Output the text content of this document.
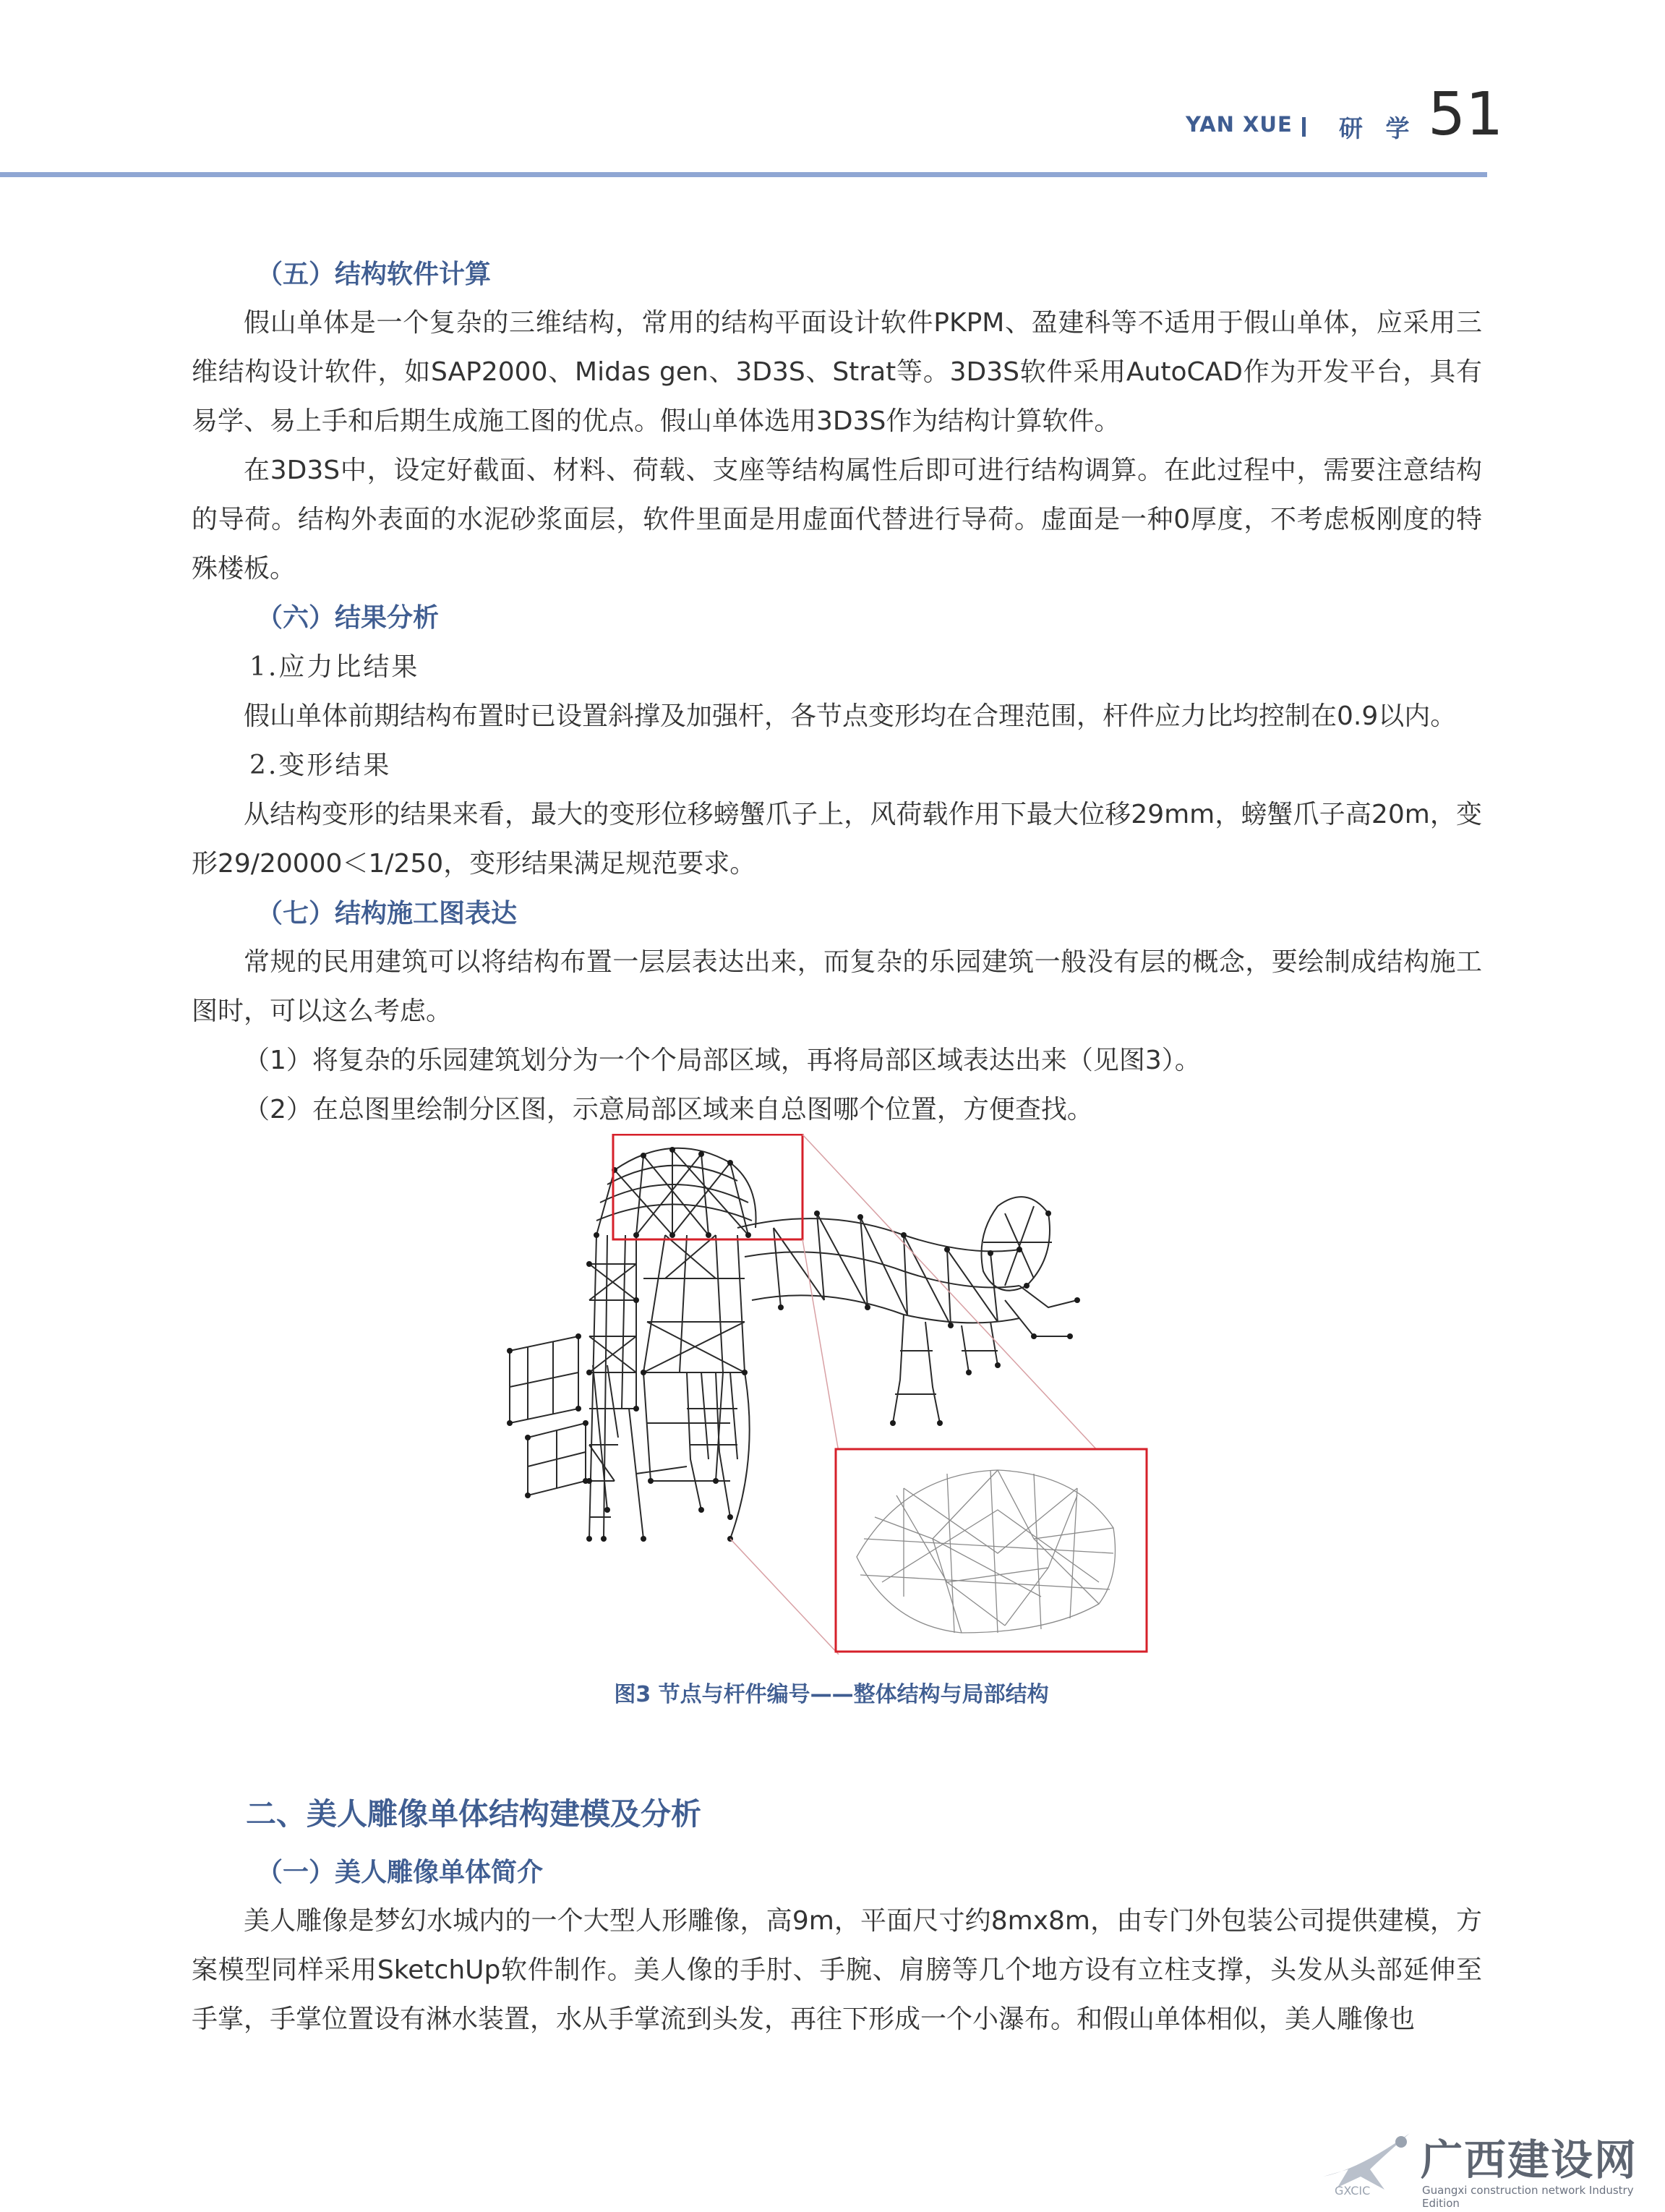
YAN XUE 研 学 51
（五）结构软件计算
假山单体是一个复杂的三维结构，常用的结构平面设计软件PKPM、盈建科等不适用于假山单体，应采用三维结构设计软件，如SAP2000、Midas gen、3D3S、Strat等。3D3S软件采用AutoCAD作为开发平台，具有易学、易上手和后期生成施工图的优点。假山单体选用3D3S作为结构计算软件。
在3D3S中，设定好截面、材料、荷载、支座等结构属性后即可进行结构调算。在此过程中，需要注意结构的导荷。结构外表面的水泥砂浆面层，软件里面是用虚面代替进行导荷。虚面是一种0厚度，不考虑板刚度的特殊楼板。
（六）结果分析
1.应力比结果
假山单体前期结构布置时已设置斜撑及加强杆，各节点变形均在合理范围，杆件应力比均控制在0.9以内。
2.变形结果
从结构变形的结果来看，最大的变形位移螃蟹爪子上，风荷载作用下最大位移29mm，螃蟹爪子高20m，变形29/20000＜1/250，变形结果满足规范要求。
（七）结构施工图表达
常规的民用建筑可以将结构布置一层层表达出来，而复杂的乐园建筑一般没有层的概念，要绘制成结构施工图时，可以这么考虑。
（1）将复杂的乐园建筑划分为一个个局部区域，再将局部区域表达出来（见图3）。
（2）在总图里绘制分区图，示意局部区域来自总图哪个位置，方便查找。
图3 节点与杆件编号——整体结构与局部结构
二、美人雕像单体结构建模及分析
（一）美人雕像单体简介
美人雕像是梦幻水城内的一个大型人形雕像，高9m，平面尺寸约8mx8m，由专门外包装公司提供建模，方案模型同样采用SketchUp软件制作。美人像的手肘、手腕、肩膀等几个地方设有立柱支撑，头发从头部延伸至手掌，手掌位置设有淋水装置，水从手掌流到头发，再往下形成一个小瀑布。和假山单体相似，美人雕像也
广西建设网
Guangxi construction network Industry Edition
GXCIC
